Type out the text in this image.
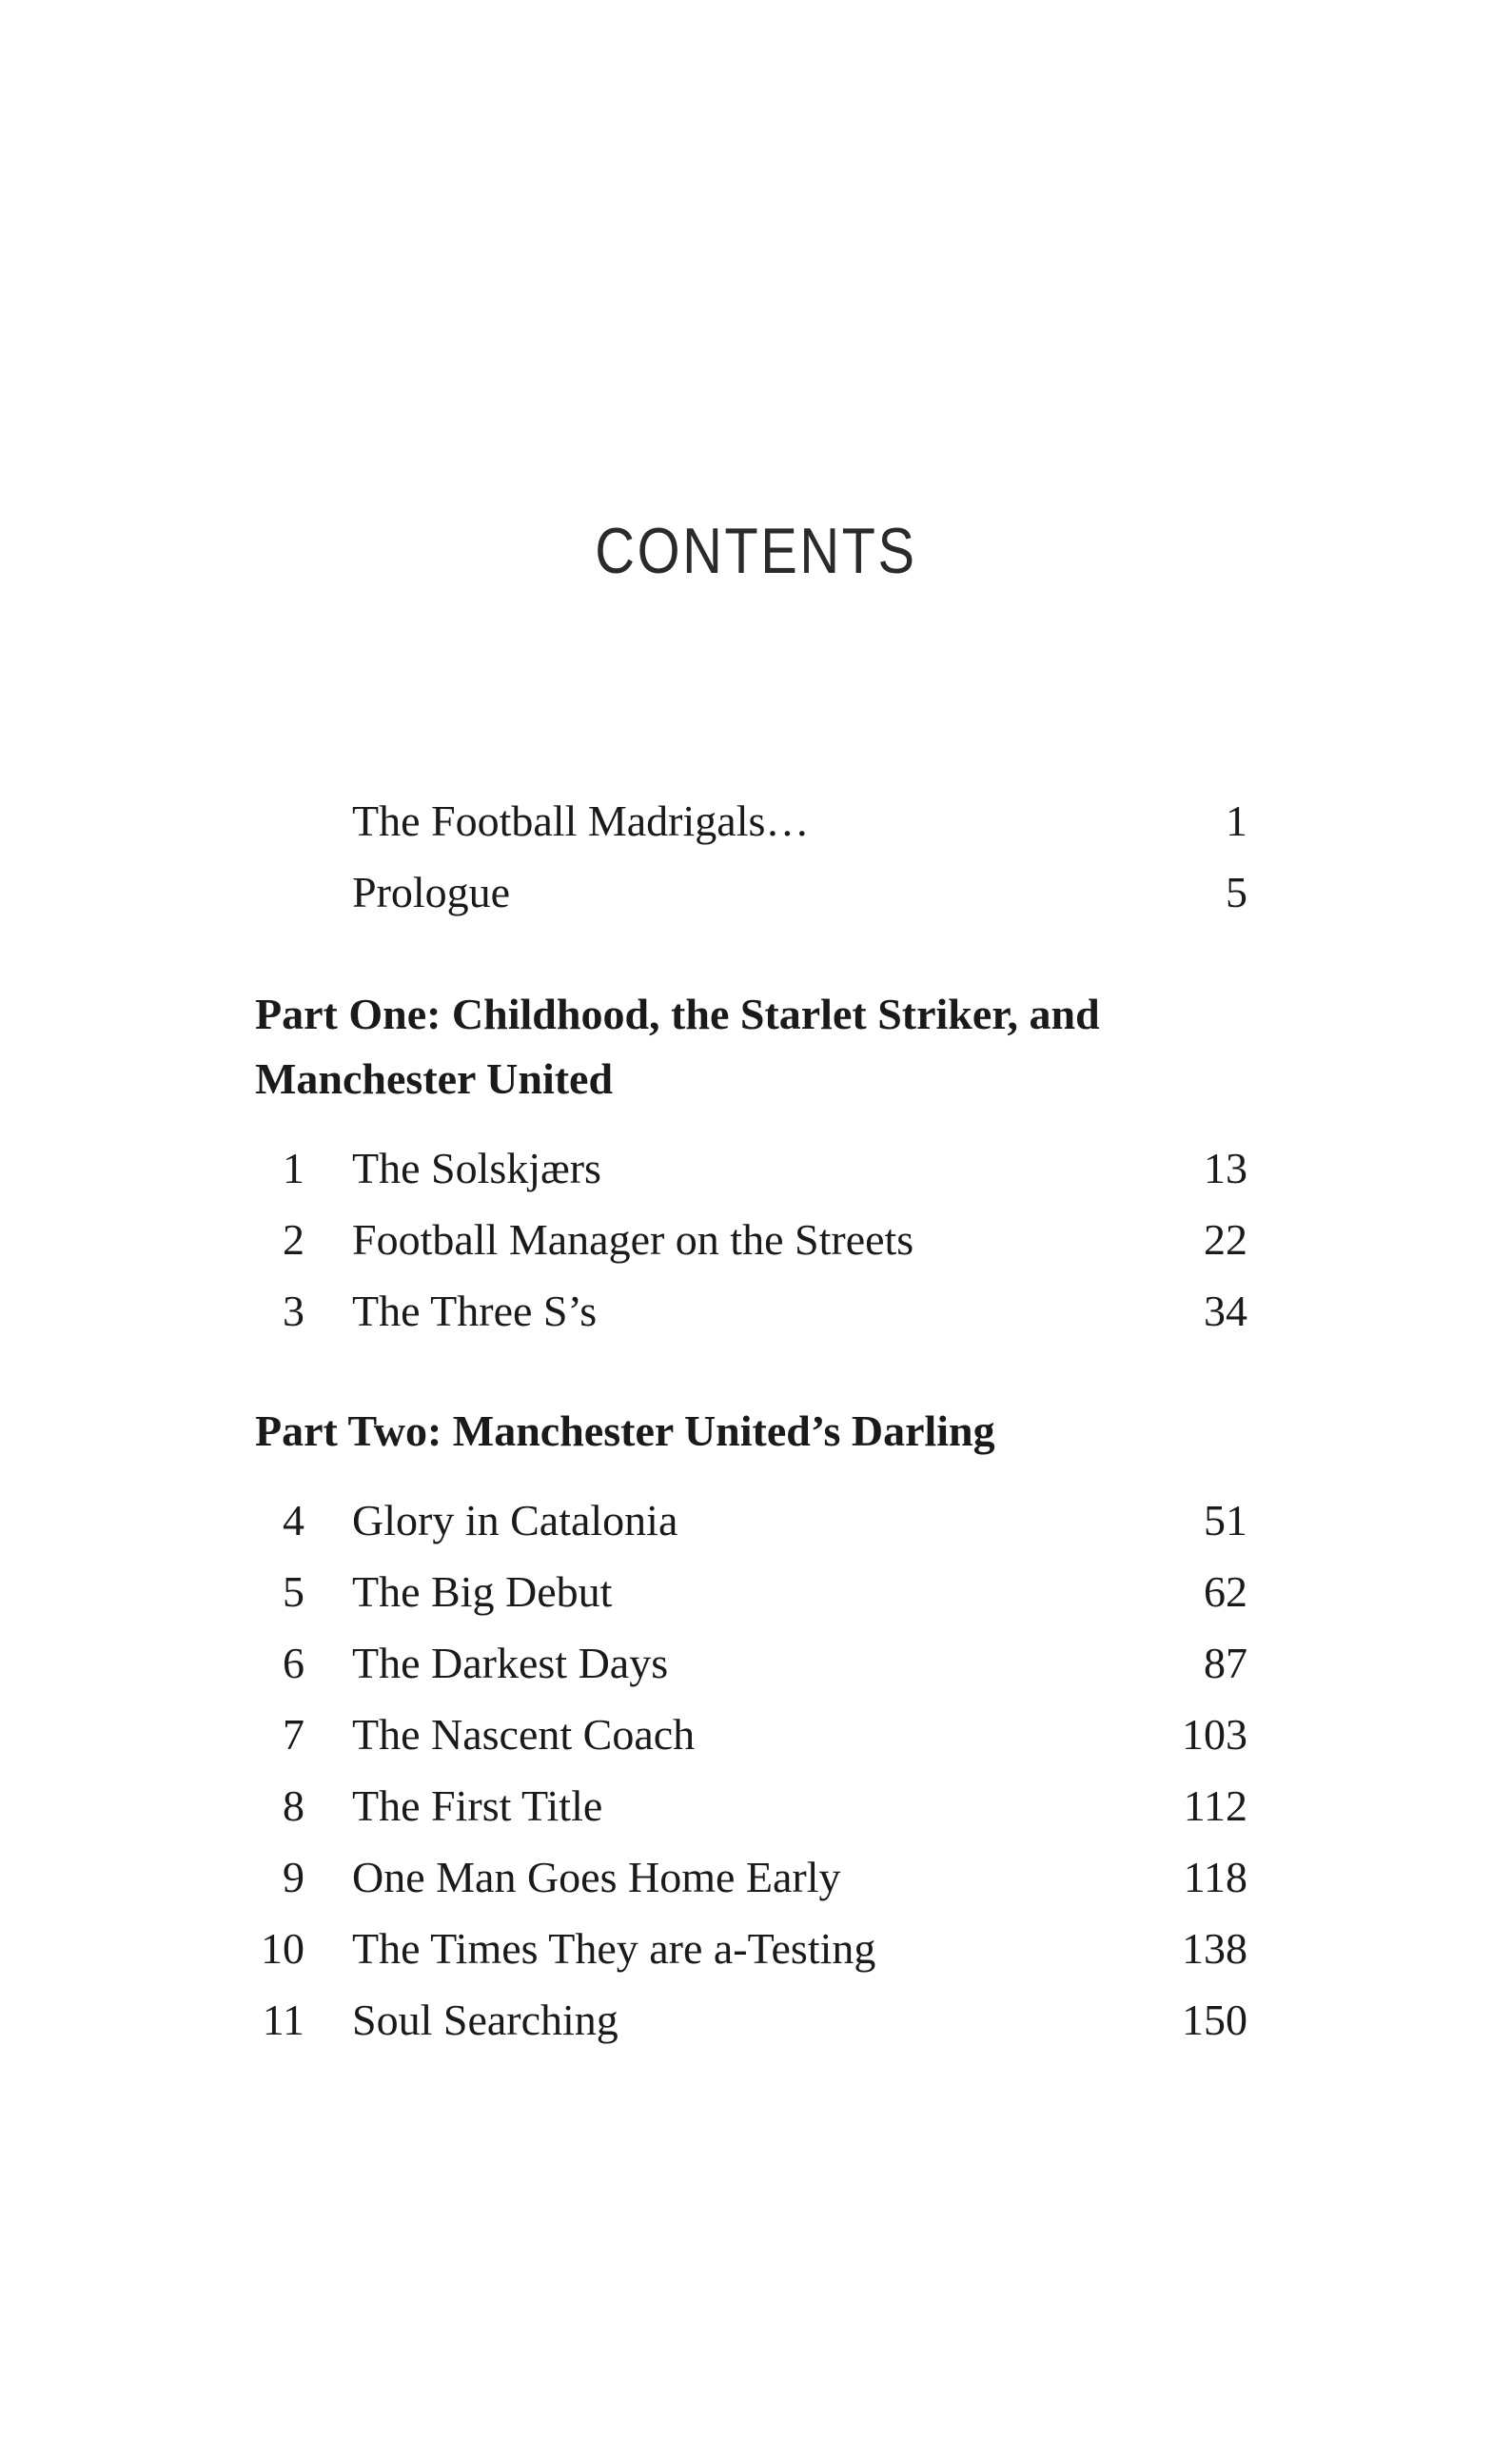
CONTENTS
The Football Madrigals…	1
Prologue	5
Part One: Childhood, the Starlet Striker, and Manchester United
1 The Solskjærs	13
2 Football Manager on the Streets	22
3 The Three S’s	34
Part Two: Manchester United’s Darling
4 Glory in Catalonia	51
5 The Big Debut	62
6 The Darkest Days	87
7 The Nascent Coach	103
8 The First Title	112
9 One Man Goes Home Early	118
10 The Times They are a-Testing	138
11 Soul Searching	150
